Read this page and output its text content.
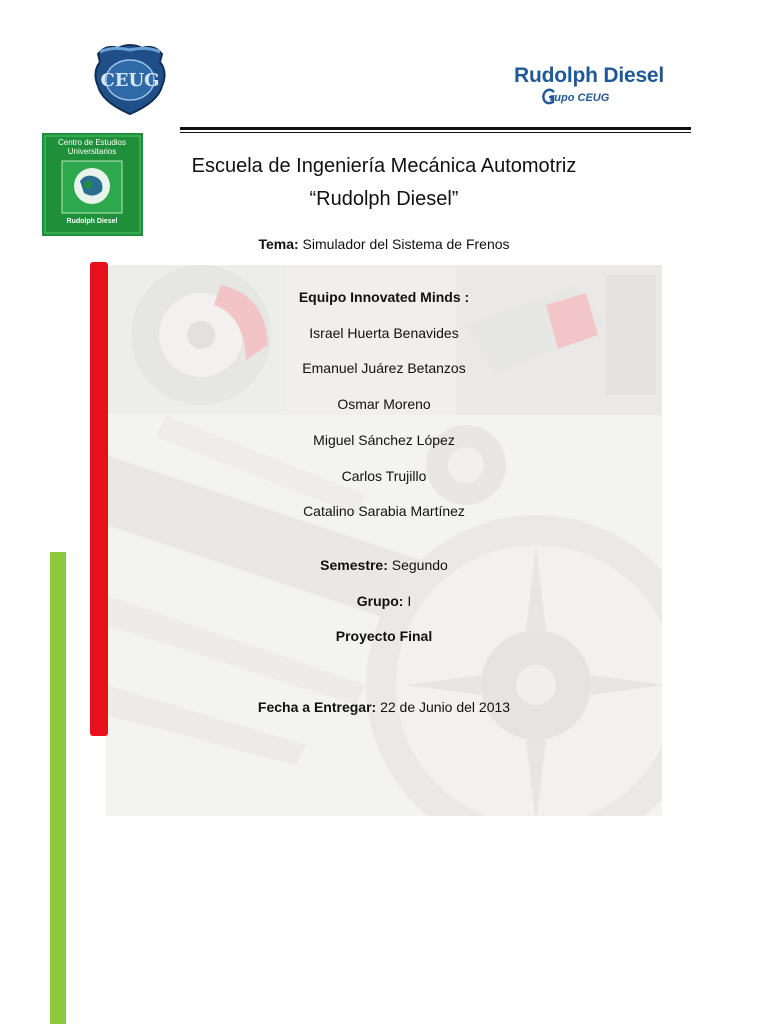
CEUG	Rudolph Diesel
rupo CEUG
Centro de Estudios
Universitarios
Rudolph Diesel
Escuela de Ingeniería Mecánica Automotriz
“Rudolph Diesel”
Tema: Simulador del Sistema de Frenos
Equipo Innovated Minds :
Israel Huerta Benavides
Emanuel Juárez Betanzos
Osmar Moreno
Miguel Sánchez López
Carlos Trujillo
Catalino Sarabia Martínez
Semestre: Segundo
Grupo: I
Proyecto Final
Fecha a Entregar: 22 de Junio del 2013
